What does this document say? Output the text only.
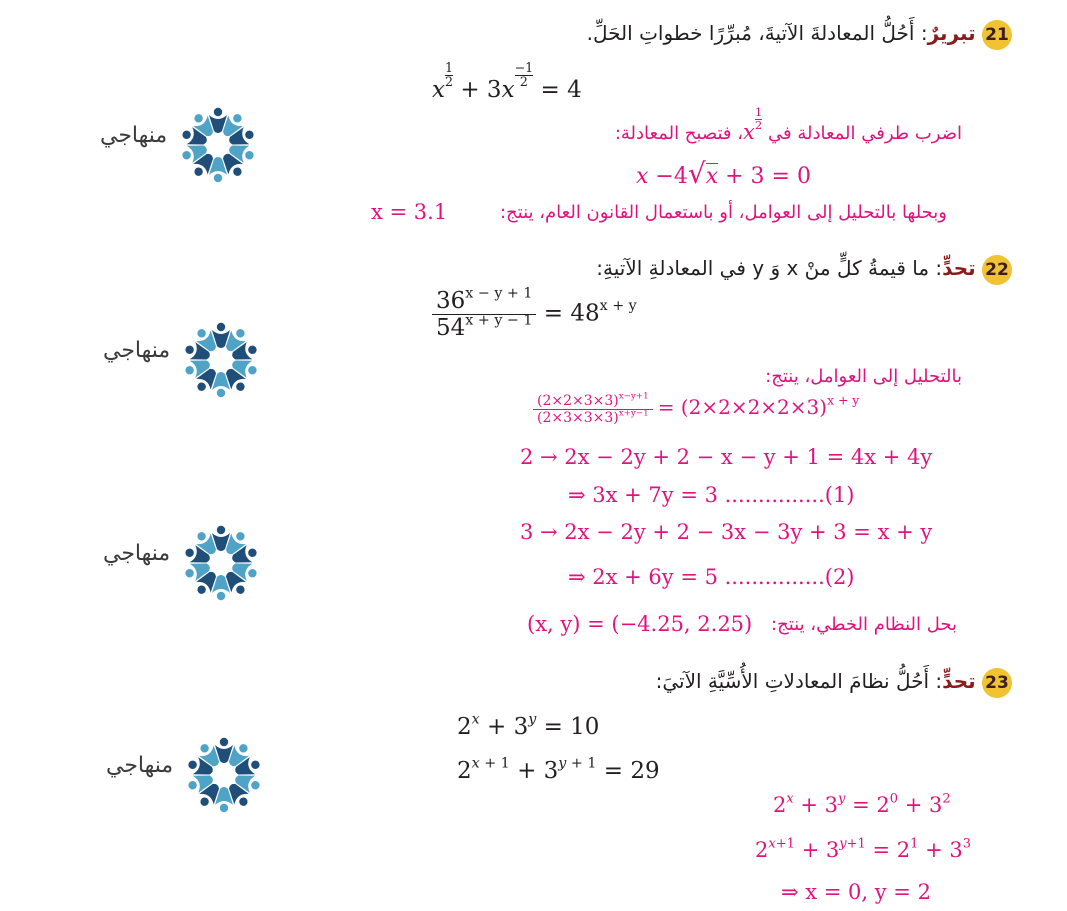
منهاجي
منهاجي
منهاجي
منهاجي
21 تبريرٌ: أَحُلُّ المعادلةَ الآتيةَ، مُبرِّرًا خطواتِ الحَلِّ.
x
$\frac{1}{2}$
+ 3x
$\frac{-1}{2}$
= 4
اضرب طرفي المعادلة في x
$\frac{1}{2}$
، فتصبح المعادلة:
x −4√x + 3 = 0
وبحلها بالتحليل إلى العوامل، أو باستعمال القانون العام، ينتج:
x = 3.1
22 تحدٍّ: ما قيمةُ كلٍّ منْ x وَ y في المعادلةِ الآتيةِ:
$\frac{36^{x - y + 1}}{54^{x + y - 1}} = 48^{x + y}$
بالتحليل إلى العوامل، ينتج:
$\frac{(2\times 2\times 3\times 3)^{x-y+1}}{(2\times 3\times 3\times 3)^{x+y-1}} = (2\times 2\times 2\times 2\times 3)^{x + y}$
2 → 2x − 2y + 2 − x − y + 1 = 4x + 4y
⇒ 3x + 7y = 3 ...............(1)
3 → 2x − 2y + 2 − 3x − 3y + 3 = x + y
⇒ 2x + 6y = 5 ...............(2)
بحل النظام الخطي، ينتج:
(x, y) = (−4.25, 2.25)
23 تحدٍّ: أَحُلُّ نظامَ المعادلاتِ الأُسِّيَّةِ الآتيَ:
$2^x + 3^y = 10$
$2^{x + 1} + 3^{y + 1} = 29$
$2^x + 3^y = 2^0 + 3^2$
$2^{x+1} + 3^{y+1} = 2^1 + 3^3$
⇒ x = 0, y = 2
